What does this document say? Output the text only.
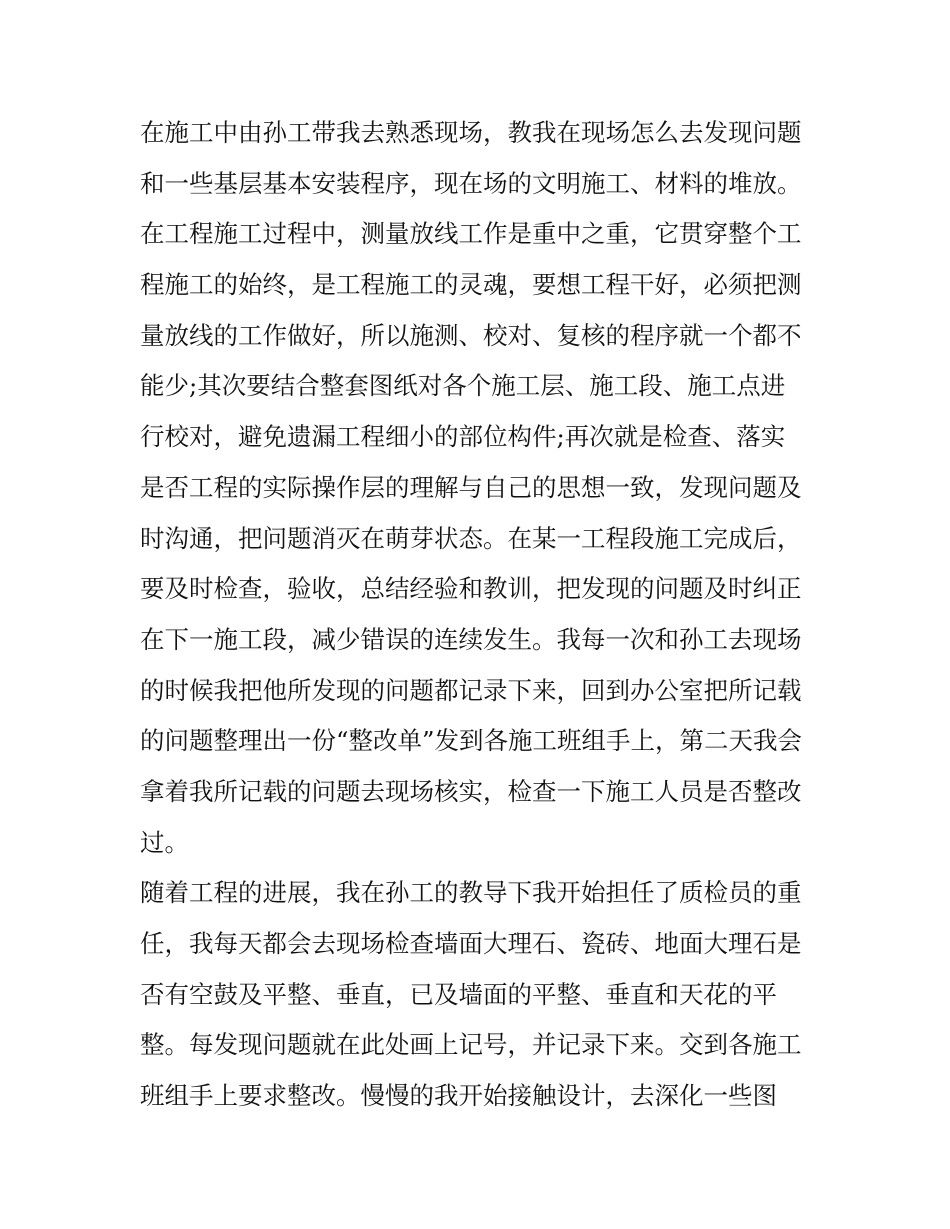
在施工中由孙工带我去熟悉现场，教我在现场怎么去发现问题
和一些基层基本安装程序，现在场的文明施工、材料的堆放。
在工程施工过程中，测量放线工作是重中之重，它贯穿整个工
程施工的始终，是工程施工的灵魂，要想工程干好，必须把测
量放线的工作做好，所以施测、校对、复核的程序就一个都不
能少;其次要结合整套图纸对各个施工层、施工段、施工点进
行校对，避免遗漏工程细小的部位构件;再次就是检查、落实
是否工程的实际操作层的理解与自己的思想一致，发现问题及
时沟通，把问题消灭在萌芽状态。在某一工程段施工完成后，
要及时检查，验收，总结经验和教训，把发现的问题及时纠正
在下一施工段，减少错误的连续发生。我每一次和孙工去现场
的时候我把他所发现的问题都记录下来，回到办公室把所记载
的问题整理出一份“整改单”发到各施工班组手上，第二天我会
拿着我所记载的问题去现场核实，检查一下施工人员是否整改
过。
随着工程的进展，我在孙工的教导下我开始担任了质检员的重
任，我每天都会去现场检查墙面大理石、瓷砖、地面大理石是
否有空鼓及平整、垂直，已及墙面的平整、垂直和天花的平
整。每发现问题就在此处画上记号，并记录下来。交到各施工
班组手上要求整改。慢慢的我开始接触设计，去深化一些图
